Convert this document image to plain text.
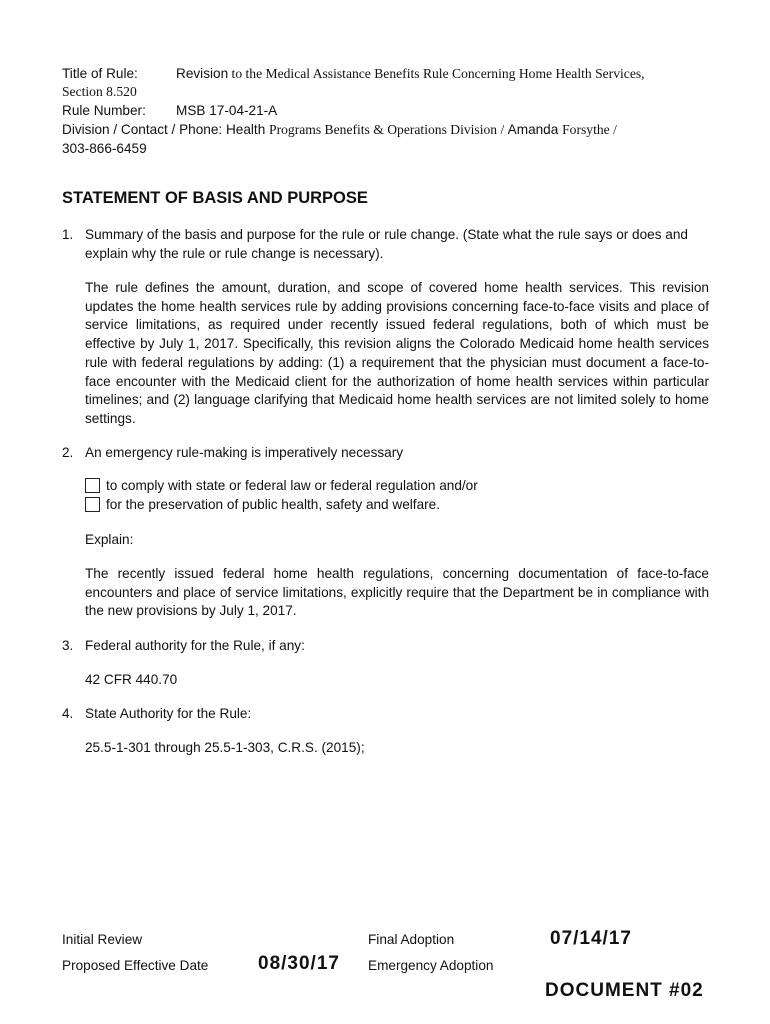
Title of Rule:	Revision to the Medical Assistance Benefits Rule Concerning Home Health Services,
Section 8.520
Rule Number: MSB 17-04-21-A
Division / Contact / Phone: Health Programs Benefits & Operations Division / Amanda Forsythe /
303-866-6459
STATEMENT OF BASIS AND PURPOSE
1. Summary of the basis and purpose for the rule or rule change. (State what the rule says or does and explain why the rule or rule change is necessary).
The rule defines the amount, duration, and scope of covered home health services. This revision updates the home health services rule by adding provisions concerning face-to-face visits and place of service limitations, as required under recently issued federal regulations, both of which must be effective by July 1, 2017. Specifically, this revision aligns the Colorado Medicaid home health services rule with federal regulations by adding: (1) a requirement that the physician must document a face-to-face encounter with the Medicaid client for the authorization of home health services within particular timelines; and (2) language clarifying that Medicaid home health services are not limited solely to home settings.
2. An emergency rule-making is imperatively necessary
to comply with state or federal law or federal regulation and/or
for the preservation of public health, safety and welfare.
Explain:
The recently issued federal home health regulations, concerning documentation of face-to-face encounters and place of service limitations, explicitly require that the Department be in compliance with the new provisions by July 1, 2017.
3. Federal authority for the Rule, if any:
42 CFR 440.70
4. State Authority for the Rule:
25.5-1-301 through 25.5-1-303, C.R.S. (2015);
Initial Review	Final Adoption	07/14/17
Proposed Effective Date	08/30/17 Emergency Adoption
DOCUMENT #02
